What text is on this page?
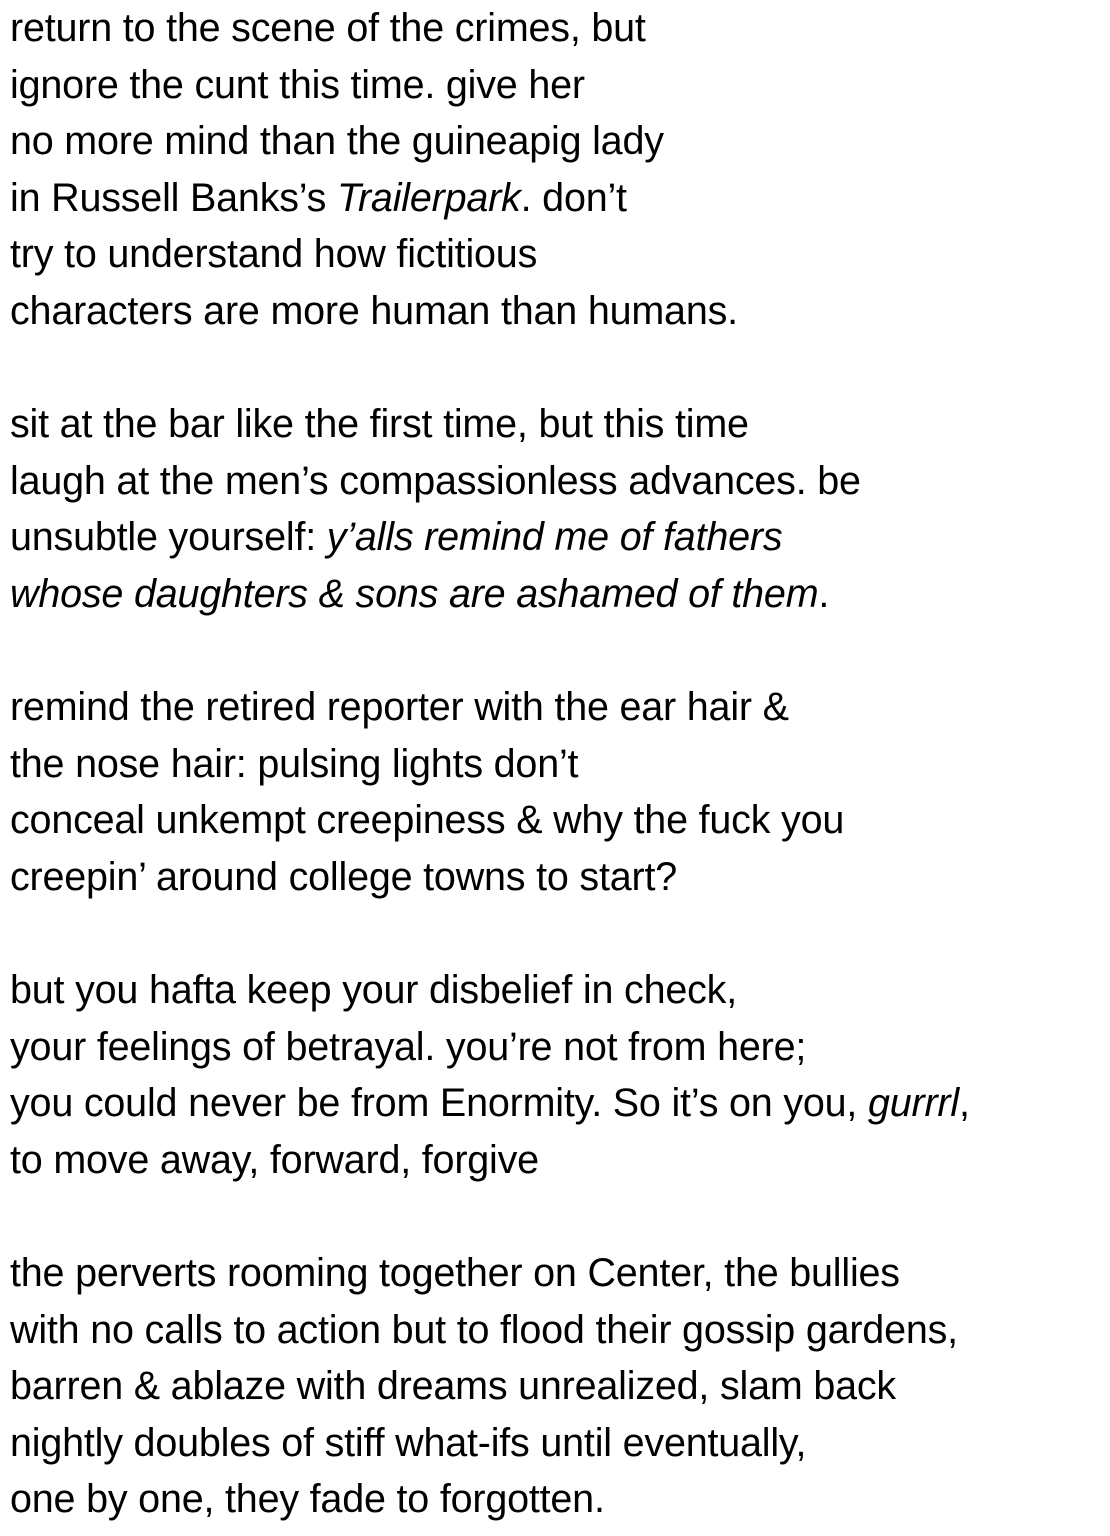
return to the scene of the crimes, but
ignore the cunt this time. give her
no more mind than the guineapig lady
in Russell Banks’s Trailerpark. don’t
try to understand how fictitious
characters are more human than humans.
sit at the bar like the first time, but this time
laugh at the men’s compassionless advances. be
unsubtle yourself: y’alls remind me of fathers
whose daughters & sons are ashamed of them.
remind the retired reporter with the ear hair &
the nose hair: pulsing lights don’t
conceal unkempt creepiness & why the fuck you
creepin’ around college towns to start?
but you hafta keep your disbelief in check,
your feelings of betrayal. you’re not from here;
you could never be from Enormity. So it’s on you, gurrrl,
to move away, forward, forgive
the perverts rooming together on Center, the bullies
with no calls to action but to flood their gossip gardens,
barren & ablaze with dreams unrealized, slam back
nightly doubles of stiff what-ifs until eventually,
one by one, they fade to forgotten.
